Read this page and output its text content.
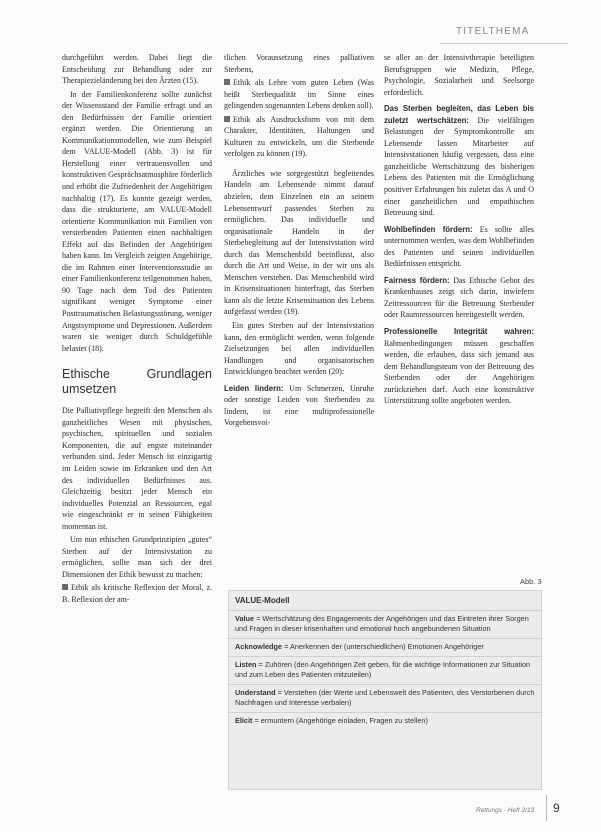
TITELTHEMA

durchgeführt werden. Dabei liegt die Entscheidung zur Behandlung oder zur Therapiezieländerung bei den Ärzten (15).

In der Familienkonferenz sollte zunächst der Wissensstand der Familie erfragt und an den Bedürfnissen der Familie orientiert ergänzt werden. Die Orientierung an Kommunikationsmodellen, wie zum Beispiel dem VALUE-Modell (Abb. 3) ist für Herstellung einer vertrauensvollen und konstruktiven Gesprächsatmosphäre förderlich und erhöht die Zufriedenheit der Angehörigen nachhaltig (17). Es konnte gezeigt werden, dass die strukturierte, am VALUE-Modell orientierte Kommunikation mit Familien von versterbenden Patienten einen nachhaltigen Effekt auf das Befinden der Angehörigen haben kann. Im Vergleich zeigten Angehörige, die im Rahmen einer Interventionsstudie an einer Familienkonferenz teilgenommen haben, 90 Tage nach dem Tod des Patienten signifikant weniger Symptome einer Posttraumatischen Belastungsstörung, weniger Angstsymptome und Depressionen. Außerdem waren sie weniger durch Schuldgefühle belastet (18).

Ethische Grundlagen umsetzen

Die Palliativpflege begreift den Menschen als ganzheitliches Wesen mit physischen, psychischen, spirituellen und sozialen Komponenten, die auf engste miteinander verbunden sind. Jeder Mensch ist einzigartig im Leiden sowie im Erkranken und den Art des individuellen Bedürfnisses aus. Gleichzeitig besitzt jeder Mensch ein individuelles Potenzial an Ressourcen, egal wie eingeschränkt er in seinen Fähigkeiten momentan ist.

Um nun ethischen Grundprinzipien „gutes“ Sterben auf der Intensivstation zu ermöglichen, sollte man sich der drei Dimensionen der Ethik bewusst zu machen:

Ethik als kritische Reflexion der Moral, z. B. Reflexion der am-

tlichen Voraussetzung eines palliativen Sterbens,

Ethik als Lehre vom guten Leben (Was heißt Sterbequalität im Sinne eines gelingenden sogenannten Lebens denken soll).

Ethik als Ausdrucksform von mit dem Charakter, Identitäten, Haltungen und Kulturen zu entwickeln, um die Sterbende verfolgen zu können (19).

Ärztliches wie sorgegestützt begleitendes Handeln am Lebensende nimmt darauf abzielen, dem Einzelnen ein an seinem Lebensentwurf passendes Sterben zu ermöglichen. Das individuelle und organisationale Handeln in der Sterbebegleitung auf der Intensivstation wird durch das Menschenbild beeinflusst, also durch die Art und Weise, in der wir uns als Menschen verstehen. Das Menschenbild wird in Krisensituationen hinterfragt, das Sterben kann als die letzte Krisensituation des Lebens aufgefasst werden (19).

Ein gutes Sterben auf der Intensivstation kann, den ermöglicht werden, wenn folgende Zielsetzungen bei allen individuellen Handlungen und organisatorischen Entwicklungen beachtet werden (20):

Leiden lindern: Um Schmerzen, Unruhe oder sonstige Leiden von Sterbenden zu lindern, ist eine multiprofessionelle Vorgehensvoi-

se aller an der Intensivtherapie beteiligten Berufsgruppen wie Medizin, Pflege, Psychologie, Sozialarbeit und Seelsorge erforderlich.

Das Sterben begleiten, das Leben bis zuletzt wertschätzen: Die vielfältigen Belastungen der Symptomkontrolle am Lebensende lassen Mitarbeiter auf Intensivstationen häufig vergessen, dass eine ganzheitliche Wertschätzung des bisherigen Lebens des Patienten mit die Ermöglichung positiver Erfahrungen bis zuletzt das A und O einer ganzheitlichen und empathischen Betreuung sind.

Wohlbefinden fördern: Es sollte alles unternommen werden, was dem Wohlbefinden des Patienten und seinen individuellen Bedürfnissen entspricht.

Fairness fördern: Das Ethische Gebot des Krankenhauses zeigt sich darin, inwiefern Zeitressourcen für die Betreuung Sterbender oder Raumressourcen bereitgestellt werden.

Professionelle Integrität wahren: Rahmenbedingungen müssen geschaffen werden, die erlauben, dass sich jemand aus dem Behandlungsteam von der Betreuung des Sterbenden oder der Angehörigen zurückziehen darf. Auch eine konstruktive Unterstützung sollte angeboten werden.

Abb. 3
VALUE-Modell
Value = Wertschätzung des Engagements der Angehörigen und das Eintreten ihrer Sorgen und Fragen in dieser krisenhaften und emotional hoch angebundenen Situation
Acknowledge = Anerkennen der (unterschiedlichen) Emotionen Angehöriger
Listen = Zuhören (den Angehörigen Zeit geben, für die wichtige Informationen zur Situation und zum Leben des Patienten mitzuteilen)
Understand = Verstehen (der Werte und Lebenswelt des Patienten, des Verstorbenen durch Nachfragen und Interesse verbalen)
Elicit = ermuntern (Angehörige einladen, Fragen zu stellen)
Rettungs · Heft 2/13 9
